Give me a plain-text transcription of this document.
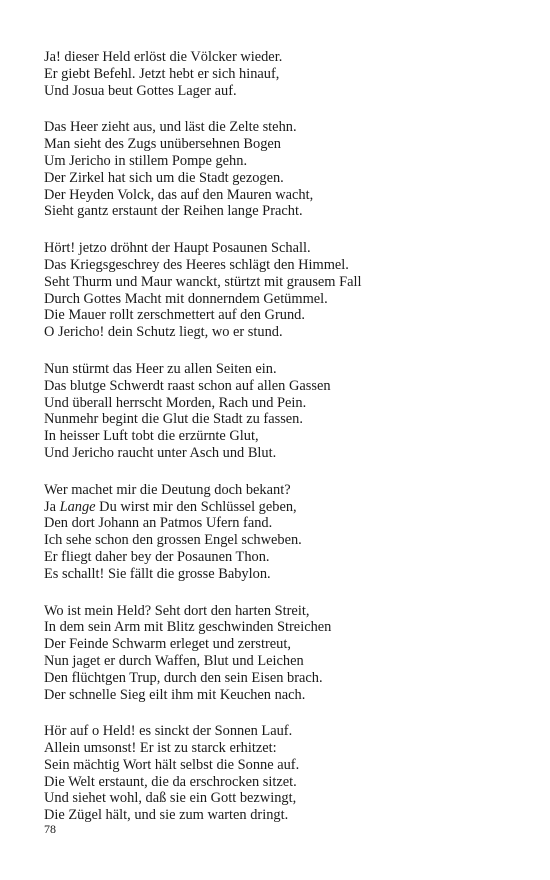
Ja! dieser Held erlöst die Völcker wieder.
Er giebt Befehl. Jetzt hebt er sich hinauf,
Und Josua beut Gottes Lager auf.
Das Heer zieht aus, und läst die Zelte stehn.
Man sieht des Zugs unübersehnen Bogen
Um Jericho in stillem Pompe gehn.
Der Zirkel hat sich um die Stadt gezogen.
Der Heyden Volck, das auf den Mauren wacht,
Sieht gantz erstaunt der Reihen lange Pracht.
Hört! jetzo dröhnt der Haupt Posaunen Schall.
Das Kriegsgeschrey des Heeres schlägt den Himmel.
Seht Thurm und Maur wanckt, stürtzt mit grausem Fall
Durch Gottes Macht mit donnerndem Getümmel.
Die Mauer rollt zerschmettert auf den Grund.
O Jericho! dein Schutz liegt, wo er stund.
Nun stürmt das Heer zu allen Seiten ein.
Das blutge Schwerdt raast schon auf allen Gassen
Und überall herrscht Morden, Rach und Pein.
Nunmehr begint die Glut die Stadt zu fassen.
In heisser Luft tobt die erzürnte Glut,
Und Jericho raucht unter Asch und Blut.
Wer machet mir die Deutung doch bekant?
Ja Lange Du wirst mir den Schlüssel geben,
Den dort Johann an Patmos Ufern fand.
Ich sehe schon den grossen Engel schweben.
Er fliegt daher bey der Posaunen Thon.
Es schallt! Sie fällt die grosse Babylon.
Wo ist mein Held? Seht dort den harten Streit,
In dem sein Arm mit Blitz geschwinden Streichen
Der Feinde Schwarm erleget und zerstreut,
Nun jaget er durch Waffen, Blut und Leichen
Den flüchtgen Trup, durch den sein Eisen brach.
Der schnelle Sieg eilt ihm mit Keuchen nach.
Hör auf o Held! es sinckt der Sonnen Lauf.
Allein umsonst! Er ist zu starck erhitzet:
Sein mächtig Wort hält selbst die Sonne auf.
Die Welt erstaunt, die da erschrocken sitzet.
Und siehet wohl, daß sie ein Gott bezwingt,
Die Zügel hält, und sie zum warten dringt.
78
